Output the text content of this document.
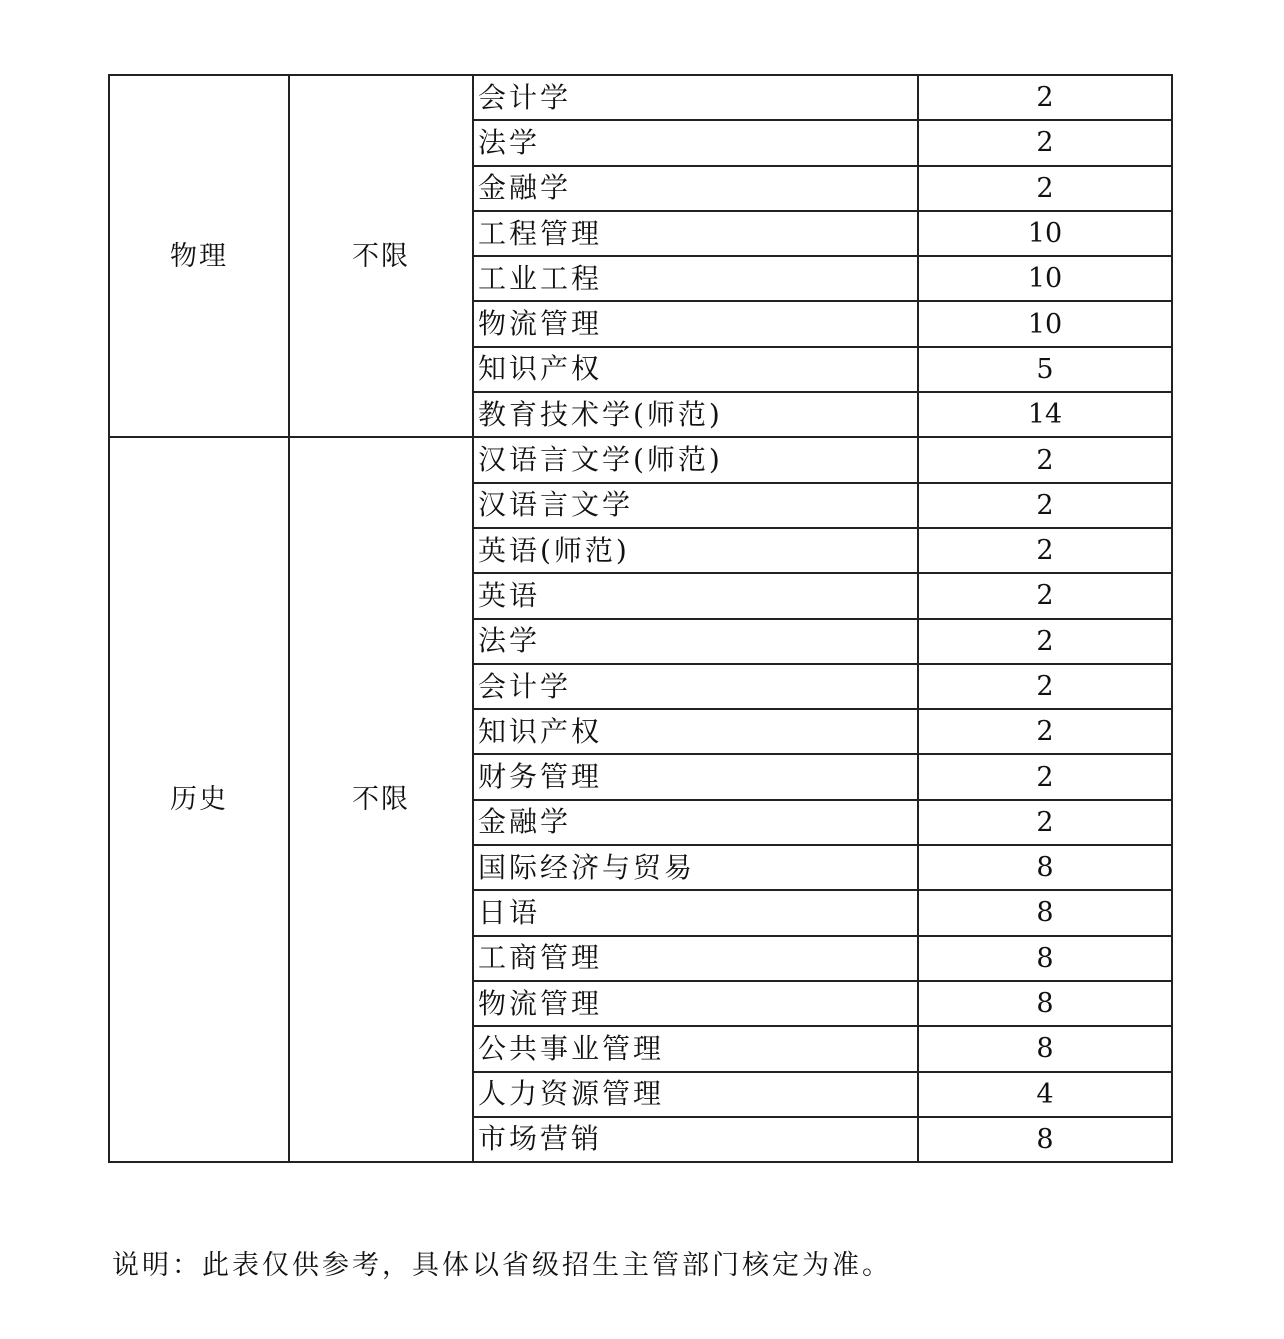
物理	不限	会计学	2
		法学	2
		金融学	2
		工程管理	10
		工业工程	10
		物流管理	10
		知识产权	5
		教育技术学(师范)	14
历史	不限	汉语言文学(师范)	2
		汉语言文学	2
		英语(师范)	2
		英语	2
		法学	2
		会计学	2
		知识产权	2
		财务管理	2
		金融学	2
		国际经济与贸易	8
		日语	8
		工商管理	8
		物流管理	8
		公共事业管理	8
		人力资源管理	4
		市场营销	8
说明：此表仅供参考，具体以省级招生主管部门核定为准。
